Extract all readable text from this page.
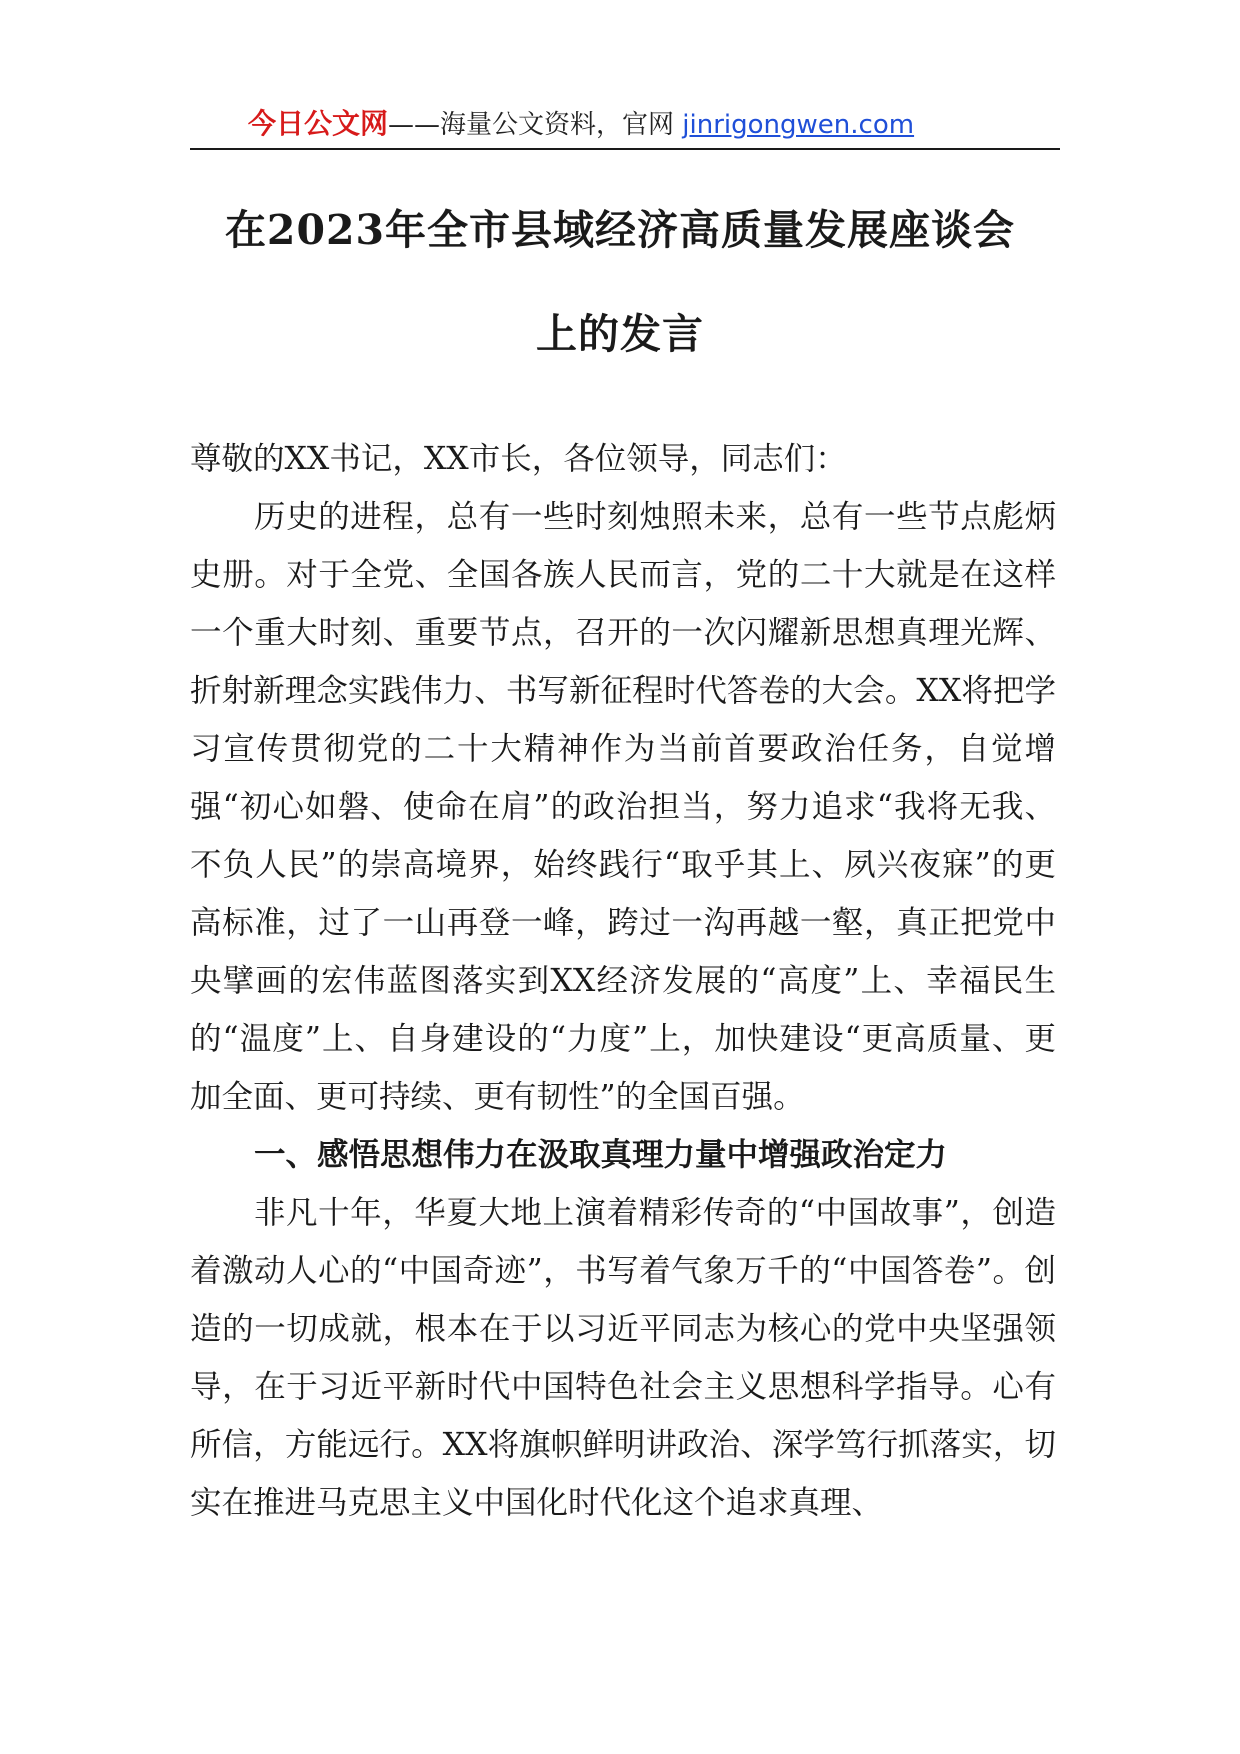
今日公文网——海量公文资料，官网 jinrigongwen.com
在2023年全市县域经济高质量发展座谈会
上的发言

尊敬的XX书记，XX市长，各位领导，同志们：

历史的进程，总有一些时刻烛照未来，总有一些节点彪炳史册。对于全党、全国各族人民而言，党的二十大就是在这样一个重大时刻、重要节点，召开的一次闪耀新思想真理光辉、折射新理念实践伟力、书写新征程时代答卷的大会。XX将把学习宣传贯彻党的二十大精神作为当前首要政治任务，自觉增强“初心如磐、使命在肩”的政治担当，努力追求“我将无我、不负人民”的崇高境界，始终践行“取乎其上、夙兴夜寐”的更高标准，过了一山再登一峰，跨过一沟再越一壑，真正把党中央擘画的宏伟蓝图落实到XX经济发展的“高度”上、幸福民生的“温度”上、自身建设的“力度”上，加快建设“更高质量、更加全面、更可持续、更有韧性”的全国百强。

一、感悟思想伟力在汲取真理力量中增强政治定力

非凡十年，华夏大地上演着精彩传奇的“中国故事”，创造着激动人心的“中国奇迹”，书写着气象万千的“中国答卷”。创造的一切成就，根本在于以习近平同志为核心的党中央坚强领导，在于习近平新时代中国特色社会主义思想科学指导。心有所信，方能远行。XX将旗帜鲜明讲政治、深学笃行抓落实，切实在推进马克思主义中国化时代化这个追求真理、
